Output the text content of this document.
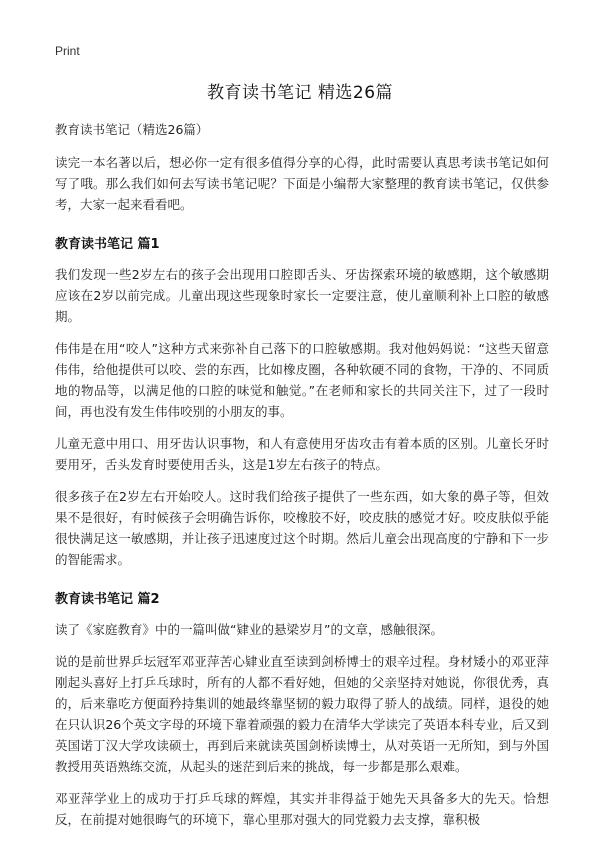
Print
教育读书笔记 精选26篇

教育读书笔记（精选26篇）

读完一本名著以后，想必你一定有很多值得分享的心得，此时需要认真思考读书笔记如何写了哦。那么我们如何去写读书笔记呢？下面是小编帮大家整理的教育读书笔记，仅供参考，大家一起来看看吧。

教育读书笔记 篇1

我们发现一些2岁左右的孩子会出现用口腔即舌头、牙齿探索环境的敏感期，这个敏感期应该在2岁以前完成。儿童出现这些现象时家长一定要注意，使儿童顺利补上口腔的敏感期。

伟伟是在用“咬人”这种方式来弥补自己落下的口腔敏感期。我对他妈妈说：“这些天留意伟伟，给他提供可以咬、尝的东西，比如橡皮圈，各种软硬不同的食物，干净的、不同质地的物品等，以满足他的口腔的味觉和触觉。”在老师和家长的共同关注下，过了一段时间，再也没有发生伟伟咬别的小朋友的事。

儿童无意中用口、用牙齿认识事物，和人有意使用牙齿攻击有着本质的区别。儿童长牙时要用牙，舌头发育时要使用舌头，这是1岁左右孩子的特点。

很多孩子在2岁左右开始咬人。这时我们给孩子提供了一些东西，如大象的鼻子等，但效果不是很好，有时候孩子会明确告诉你，咬橡胶不好，咬皮肤的感觉才好。咬皮肤似乎能很快满足这一敏感期，并让孩子迅速度过这个时期。然后儿童会出现高度的宁静和下一步的智能需求。

教育读书笔记 篇2

读了《家庭教育》中的一篇叫做“肄业的悬梁岁月”的文章，感触很深。

说的是前世界乒坛冠军邓亚萍苦心肄业直至读到剑桥博士的艰辛过程。身材矮小的邓亚萍刚起头喜好上打乒乓球时，所有的人都不看好她，但她的父亲坚持对她说，你很优秀，真的，后来靠吃方便面矜持集训的她最终靠坚韧的毅力取得了骄人的战绩。同样，退役的她在只认识26个英文字母的环境下靠着顽强的毅力在清华大学读完了英语本科专业，后又到英国诺丁汉大学攻读硕士，再到后来就读英国剑桥读博士，从对英语一无所知，到与外国教授用英语熟练交流，从起头的迷茫到后来的挑战，每一步都是那么艰难。

邓亚萍学业上的成功于打乒乓球的辉煌，其实并非得益于她先天具备多大的先天。恰想反，在前提对她很晦气的环境下，靠心里那对强大的同党毅力去支撑，靠积极
